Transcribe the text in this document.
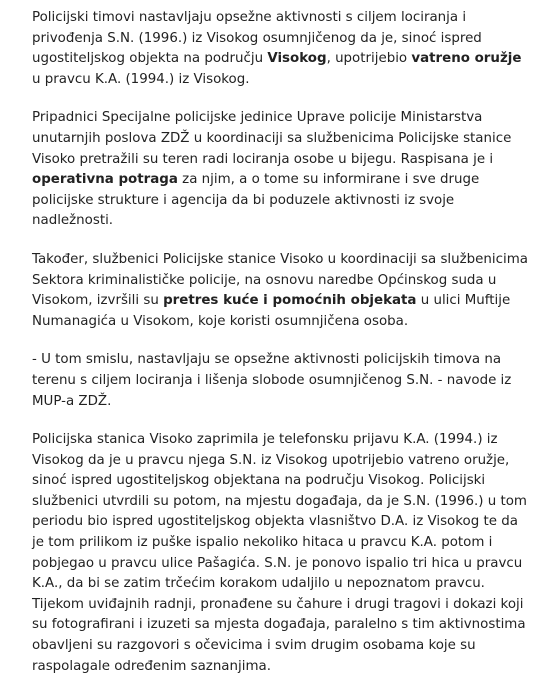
Policijski timovi nastavljaju opsežne aktivnosti s ciljem lociranja i privođenja S.N. (1996.) iz Visokog osumnjičenog da je, sinoć ispred ugostiteljskog objekta na području Visokog, upotrijebio vatreno oružje u pravcu K.A. (1994.) iz Visokog.

Pripadnici Specijalne policijske jedinice Uprave policije Ministarstva unutarnjih poslova ZDŽ u koordinaciji sa službenicima Policijske stanice Visoko pretražili su teren radi lociranja osobe u bijegu. Raspisana je i operativna potraga za njim, a o tome su informirane i sve druge policijske strukture i agencija da bi poduzele aktivnosti iz svoje nadležnosti.

Također, službenici Policijske stanice Visoko u koordinaciji sa službenicima Sektora kriminalističke policije, na osnovu naredbe Općinskog suda u Visokom, izvršili su pretres kuće i pomoćnih objekata u ulici Muftije Numanagića u Visokom, koje koristi osumnjičena osoba.

- U tom smislu, nastavljaju se opsežne aktivnosti policijskih timova na terenu s ciljem lociranja i lišenja slobode osumnjičenog S.N. - navode iz MUP-a ZDŽ.

Policijska stanica Visoko zaprimila je telefonsku prijavu K.A. (1994.) iz Visokog da je u pravcu njega S.N. iz Visokog upotrijebio vatreno oružje, sinoć ispred ugostiteljskog objektana na području Visokog. Policijski službenici utvrdili su potom, na mjestu događaja, da je S.N. (1996.) u tom periodu bio ispred ugostiteljskog objekta vlasništvo D.A. iz Visokog te da je tom prilikom iz puške ispalio nekoliko hitaca u pravcu K.A. potom i pobjegao u pravcu ulice Pašagića. S.N. je ponovo ispalio tri hica u pravcu K.A., da bi se zatim trčećim korakom udaljilo u nepoznatom pravcu. Tijekom uviđajnih radnji, pronađene su čahure i drugi tragovi i dokazi koji su fotografirani i izuzeti sa mjesta događaja, paralelno s tim aktivnostima obavljeni su razgovori s očevicima i svim drugim osobama koje su raspolagale određenim saznanjima.
